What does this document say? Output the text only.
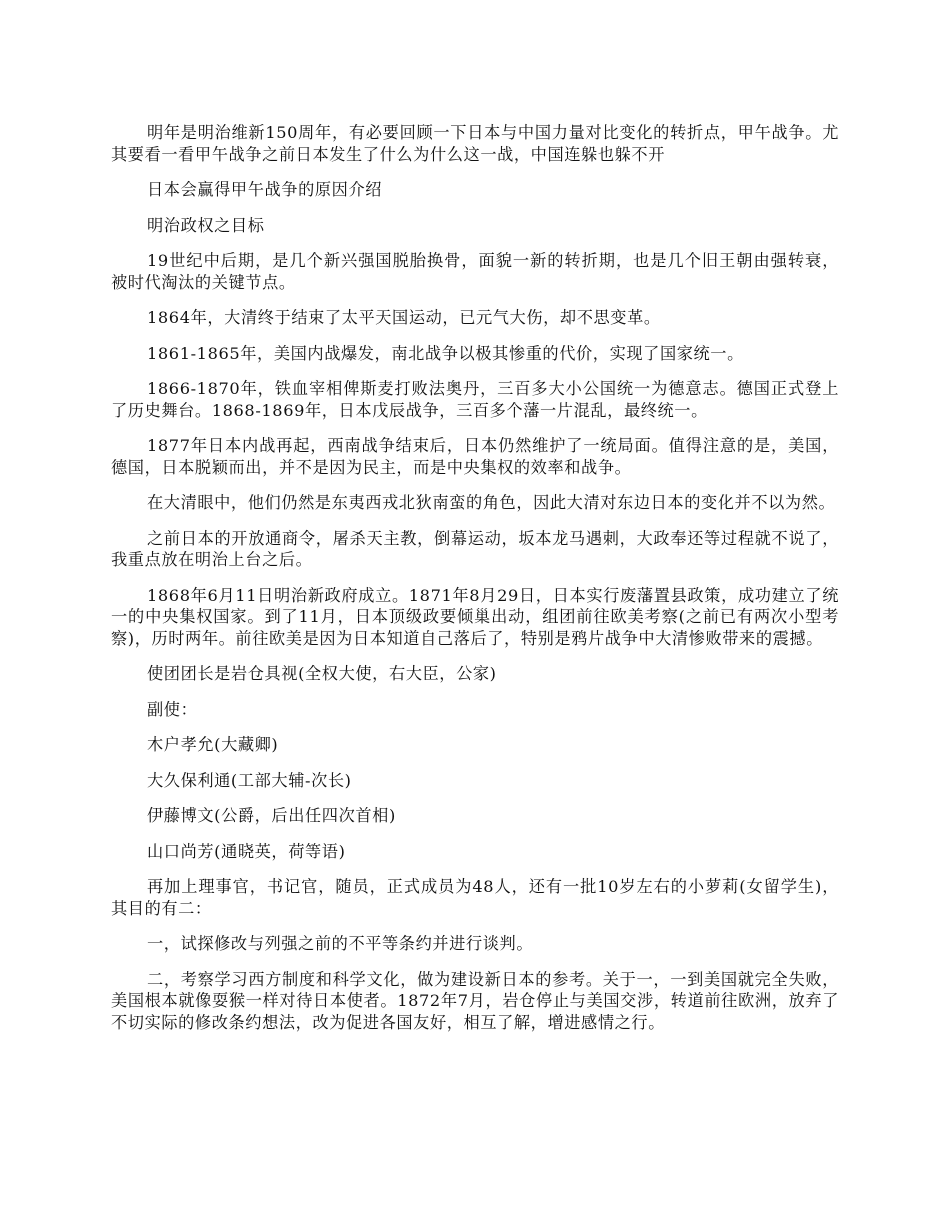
明年是明治维新150周年，有必要回顾一下日本与中国力量对比变化的转折点，甲午战争。尤其要看一看甲午战争之前日本发生了什么为什么这一战，中国连躲也躲不开

日本会赢得甲午战争的原因介绍

明治政权之目标

19世纪中后期，是几个新兴强国脱胎换骨，面貌一新的转折期，也是几个旧王朝由强转衰，被时代淘汰的关键节点。

1864年，大清终于结束了太平天国运动，已元气大伤，却不思变革。

1861-1865年，美国内战爆发，南北战争以极其惨重的代价，实现了国家统一。

1866-1870年，铁血宰相俾斯麦打败法奥丹，三百多大小公国统一为德意志。德国正式登上了历史舞台。1868-1869年，日本戊辰战争，三百多个藩一片混乱，最终统一。

1877年日本内战再起，西南战争结束后，日本仍然维护了一统局面。值得注意的是，美国，德国，日本脱颖而出，并不是因为民主，而是中央集权的效率和战争。

在大清眼中，他们仍然是东夷西戎北狄南蛮的角色，因此大清对东边日本的变化并不以为然。

之前日本的开放通商令，屠杀天主教，倒幕运动，坂本龙马遇刺，大政奉还等过程就不说了，我重点放在明治上台之后。

1868年6月11日明治新政府成立。1871年8月29日，日本实行废藩置县政策，成功建立了统一的中央集权国家。到了11月，日本顶级政要倾巢出动，组团前往欧美考察(之前已有两次小型考察)，历时两年。前往欧美是因为日本知道自己落后了，特别是鸦片战争中大清惨败带来的震撼。

使团团长是岩仓具视(全权大使，右大臣，公家)

副使：

木户孝允(大藏卿)

大久保利通(工部大辅-次长)

伊藤博文(公爵，后出任四次首相)

山口尚芳(通晓英，荷等语)

再加上理事官，书记官，随员，正式成员为48人，还有一批10岁左右的小萝莉(女留学生)，其目的有二：

一，试探修改与列强之前的不平等条约并进行谈判。

二，考察学习西方制度和科学文化，做为建设新日本的参考。关于一，一到美国就完全失败，美国根本就像耍猴一样对待日本使者。1872年7月，岩仓停止与美国交涉，转道前往欧洲，放弃了不切实际的修改条约想法，改为促进各国友好，相互了解，增进感情之行。
